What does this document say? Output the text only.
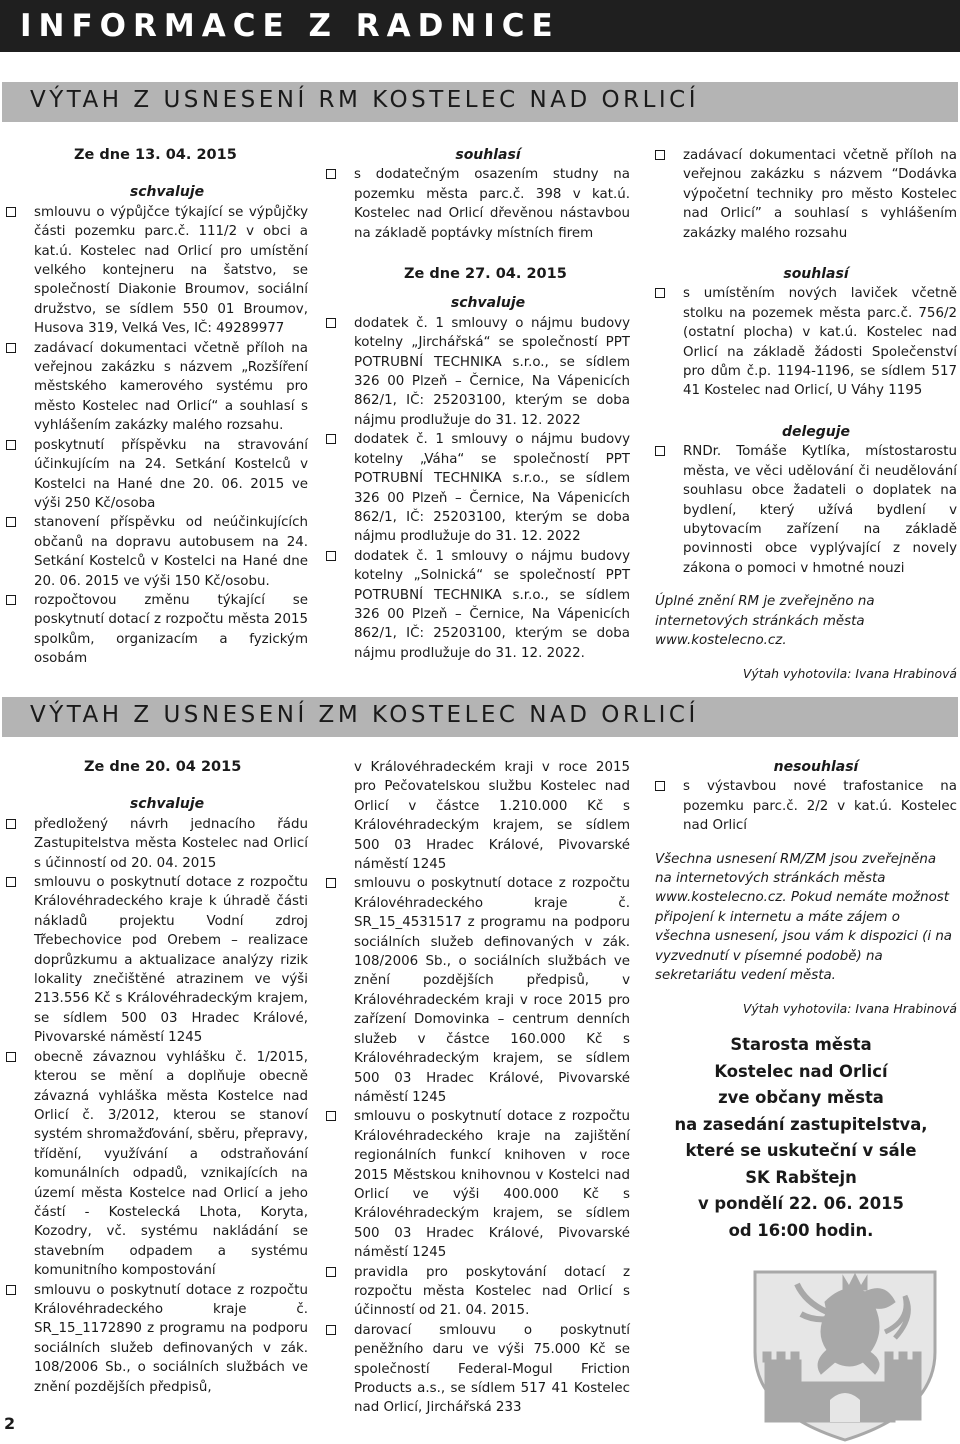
INFORMACE Z RADNICE
VÝTAH Z USNESENÍ RM KOSTELEC NAD ORLICÍ

Ze dne 13. 04. 2015

schvaluje

smlouvu o výpůjčce týkající se výpůjčky části pozemku parc.č. 111/2 v obci a kat.ú. Kostelec nad Orlicí pro umístění velkého kontejneru na šatstvo, se společností Diakonie Broumov, sociální družstvo, se sídlem 550 01 Broumov, Husova 319, Velká Ves, IČ: 49289977

zadávací dokumentaci včetně příloh na veřejnou zakázku s názvem „Rozšíření městského kamerového systému pro město Kostelec nad Orlicí“ a souhlasí s vyhlášením zakázky malého rozsahu.

poskytnutí příspěvku na stravování účinkujícím na 24. Setkání Kostelců v Kostelci na Hané dne 20. 06. 2015 ve výši 250 Kč/osoba

stanovení příspěvku od neúčinkujících občanů na dopravu autobusem na 24. Setkání Kostelců v Kostelci na Hané dne 20. 06. 2015 ve výši 150 Kč/osobu.

rozpočtovou změnu týkající se poskytnutí dotací z rozpočtu města 2015 spolkům, organizacím a fyzickým osobám

souhlasí

s dodatečným osazením studny na pozemku města parc.č. 398 v kat.ú. Kostelec nad Orlicí dřevěnou nástavbou na základě poptávky místních firem

Ze dne 27. 04. 2015

schvaluje

dodatek č. 1 smlouvy o nájmu budovy kotelny „Jirchářská“ se společností PPT POTRUBNÍ TECHNIKA s.r.o., se sídlem 326 00 Plzeň – Černice, Na Vápenicích 862/1, IČ: 25203100, kterým se doba nájmu prodlužuje do 31. 12. 2022

dodatek č. 1 smlouvy o nájmu budovy kotelny „Váha“ se společností PPT POTRUBNÍ TECHNIKA s.r.o., se sídlem 326 00 Plzeň – Černice, Na Vápenicích 862/1, IČ: 25203100, kterým se doba nájmu prodlužuje do 31. 12. 2022

dodatek č. 1 smlouvy o nájmu budovy kotelny „Solnická“ se společností PPT POTRUBNÍ TECHNIKA s.r.o., se sídlem 326 00 Plzeň – Černice, Na Vápenicích 862/1, IČ: 25203100, kterým se doba nájmu prodlužuje do 31. 12. 2022.

zadávací dokumentaci včetně příloh na veřejnou zakázku s názvem “Dodávka výpočetní techniky pro město Kostelec nad Orlicí” a souhlasí s vyhlášením zakázky malého rozsahu

souhlasí

s umístěním nových laviček včetně stolku na pozemek města parc.č. 756/2 (ostatní plocha) v kat.ú. Kostelec nad Orlicí na základě žádosti Společenství pro dům č.p. 1194-1196, se sídlem 517 41 Kostelec nad Orlicí, U Váhy 1195

deleguje

RNDr. Tomáše Kytlíka, místostarostu města, ve věci udělování či neudělování souhlasu obce žadateli o doplatek na bydlení, který užívá bydlení v ubytovacím zařízení na základě povinnosti obce vyplývající z novely zákona o pomoci v hmotné nouzi

Úplné znění RM je zveřejněno na internetových stránkách města www.kostelecno.cz.

Výtah vyhotovila: Ivana Hrabinová

VÝTAH Z USNESENÍ ZM KOSTELEC NAD ORLICÍ

Ze dne 20. 04 2015

schvaluje

předložený návrh jednacího řádu Zastupitelstva města Kostelec nad Orlicí s účinností od 20. 04. 2015

smlouvu o poskytnutí dotace z rozpočtu Královéhradeckého kraje k úhradě části nákladů projektu Vodní zdroj Třebechovice pod Orebem – realizace doprůzkumu a aktualizace analýzy rizik lokality znečištěné atrazinem ve výši 213.556 Kč s Královéhradeckým krajem, se sídlem 500 03 Hradec Králové, Pivovarské náměstí 1245

obecně závaznou vyhlášku č. 1/2015, kterou se mění a doplňuje obecně závazná vyhláška města Kostelce nad Orlicí č. 3/2012, kterou se stanoví systém shromažďování, sběru, přepravy, třídění, využívání a odstraňování komunálních odpadů, vznikajících na území města Kostelce nad Orlicí a jeho částí - Kostelecká Lhota, Koryta, Kozodry, vč. systému nakládání se stavebním odpadem a systému komunitního kompostování

smlouvu o poskytnutí dotace z rozpočtu Královéhradeckého kraje č. SR_15_1172890 z programu na podporu sociálních služeb definovaných v zák. 108/2006 Sb., o sociálních službách ve znění pozdějších předpisů,

v Královéhradeckém kraji v roce 2015 pro Pečovatelskou službu Kostelec nad Orlicí v částce 1.210.000 Kč s Královéhradeckým krajem, se sídlem 500 03 Hradec Králové, Pivovarské náměstí 1245

smlouvu o poskytnutí dotace z rozpočtu Královéhradeckého kraje č. SR_15_4531517 z programu na podporu sociálních služeb definovaných v zák. 108/2006 Sb., o sociálních službách ve znění pozdějších předpisů, v Královéhradeckém kraji v roce 2015 pro zařízení Domovinka – centrum denních služeb v částce 160.000 Kč s Královéhradeckým krajem, se sídlem 500 03 Hradec Králové, Pivovarské náměstí 1245

smlouvu o poskytnutí dotace z rozpočtu Královéhradeckého kraje na zajištění regionálních funkcí knihoven v roce 2015 Městskou knihovnou v Kostelci nad Orlicí ve výši 400.000 Kč s Královéhradeckým krajem, se sídlem 500 03 Hradec Králové, Pivovarské náměstí 1245

pravidla pro poskytování dotací z rozpočtu města Kostelec nad Orlicí s účinností od 21. 04. 2015.

darovací smlouvu o poskytnutí peněžního daru ve výši 75.000 Kč se společností Federal-Mogul Friction Products a.s., se sídlem 517 41 Kostelec nad Orlicí, Jirchářská 233

nesouhlasí

s výstavbou nové trafostanice na pozemku parc.č. 2/2 v kat.ú. Kostelec nad Orlicí

Všechna usnesení RM/ZM jsou zveřejněna na internetových stránkách města www.kostelecno.cz. Pokud nemáte možnost připojení k internetu a máte zájem o všechna usnesení, jsou vám k dispozici (i na vyzvednutí v písemné podobě) na sekretariátu vedení města.

Výtah vyhotovila: Ivana Hrabinová

Starosta města
Kostelec nad Orlicí
zve občany města
na zasedání zastupitelstva,
které se uskuteční v sále
SK Rabštejn
v pondělí 22. 06. 2015
od 16:00 hodin.
2
